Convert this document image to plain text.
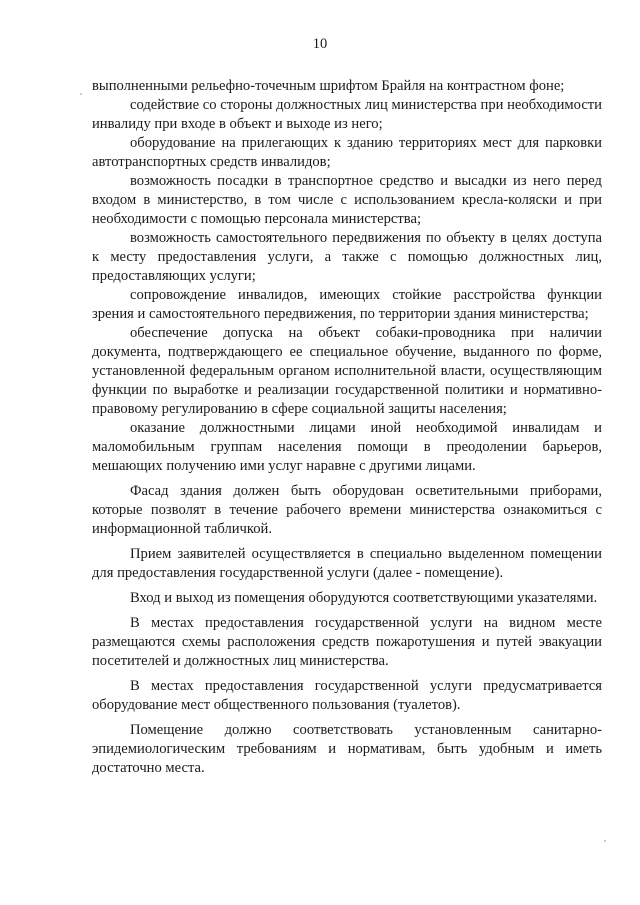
10

выполненными рельефно-точечным шрифтом Брайля на контрастном фоне;

содействие со стороны должностных лиц министерства при необходимости инвалиду при входе в объект и выходе из него;

оборудование на прилегающих к зданию территориях мест для парковки автотранспортных средств инвалидов;

возможность посадки в транспортное средство и высадки из него перед входом в министерство, в том числе с использованием кресла-коляски и при необходимости с помощью персонала министерства;

возможность самостоятельного передвижения по объекту в целях доступа к месту предоставления услуги, а также с помощью должностных лиц, предоставляющих услуги;

сопровождение инвалидов, имеющих стойкие расстройства функции зрения и самостоятельного передвижения, по территории здания министерства;

обеспечение допуска на объект собаки-проводника при наличии документа, подтверждающего ее специальное обучение, выданного по форме, установленной федеральным органом исполнительной власти, осуществляющим функции по выработке и реализации государственной политики и нормативно-правовому регулированию в сфере социальной защиты населения;

оказание должностными лицами иной необходимой инвалидам и маломобильным группам населения помощи в преодолении барьеров, мешающих получению ими услуг наравне с другими лицами.

Фасад здания должен быть оборудован осветительными приборами, которые позволят в течение рабочего времени министерства ознакомиться с информационной табличкой.

Прием заявителей осуществляется в специально выделенном помещении для предоставления государственной услуги (далее - помещение).

Вход и выход из помещения оборудуются соответствующими указателями.

В местах предоставления государственной услуги на видном месте размещаются схемы расположения средств пожаротушения и путей эвакуации посетителей и должностных лиц министерства.

В местах предоставления государственной услуги предусматривается оборудование мест общественного пользования (туалетов).

Помещение должно соответствовать установленным санитарно-эпидемиологическим требованиям и нормативам, быть удобным и иметь достаточно места.
